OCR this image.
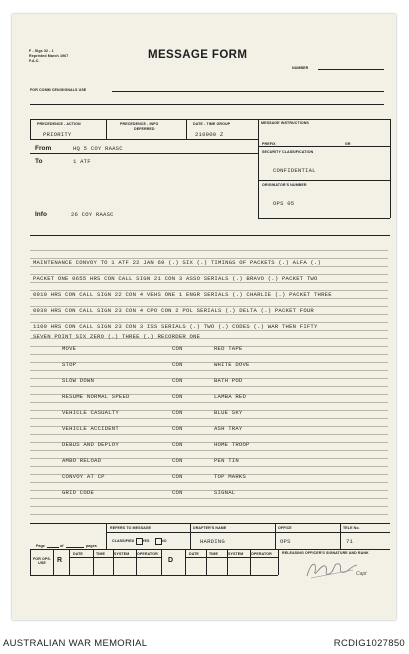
F - Sigs 32 - 1
Reprinted March 1967
F.A.C.	MESSAGE FORM
NUMBER
FOR COMM CEN/SIGNALS USE
PRECEDENCE - ACTION	PRECEDENCE - INFO
DEFERRED
DATE - TIME GROUP	MESSAGE INSTRUCTIONS
PRIORITY	210900 Z
From	HQ 5 COY RAASC
To	1 ATF
PREFIX	GR
SECURITY CLASSIFICATION
CONFIDENTIAL
ORIGINATOR'S NUMBER
OPS 05
Info	26 COY RAASC
MAINTENANCE CONVOY TO 1 ATF 22 JAN 69 (.) SIX (.) TIMINGS OF PACKETS (.) ALFA (.)
PACKET ONE 0655 HRS CON CALL SIGN 21 CON 3 ASSO SERIALS (.) BRAVO (.) PACKET TWO
0910 HRS CON CALL SIGN 22 CON 4 VEHS ONE 1 ENGR SERIALS (.) CHARLIE (.) PACKET THREE
0930 HRS CON CALL SIGN 23 CON 4 CPO CON 2 POL SERIALS (.) DELTA (.) PACKET FOUR
1100 HRS CON CALL SIGN 23 CON 3 ISS SERIALS (.) TWO (.) CODES (.) WAR THEN FIFTY
SEVEN POINT SIX ZERO (.) THREE (.) RECORDER ONE
MOVE	CON	RED TAPE
STOP	CON	WHITE DOVE
SLOW DOWN	CON	BATH POD
RESUME NORMAL SPEED	CON	LAMBA RED
VEHICLE CASUALTY	CON	BLUE SKY
VEHICLE ACCIDENT	CON	ASH TRAY
DEBUS AND DEPLOY	CON	HOME TROOP
AMBO RELOAD	CON	PEN TIN
CONVOY AT CP	CON	TOP MARKS
GRID CODE	CON	SIGNAL
REFERS TO MESSAGE	DRAFTER'S NAME	OFFICE	TELE No.
CLASSIFIED YES	NO	HARDING	OPS	71
Page	of	pages
FOR OPS. USE	R	D
DATE	TIME	SYSTEM OPERATOR	DATE	TIME	SYSTEM OPERATOR	RELEASING OFFICER'S SIGNATURE AND RANK
Capt
AUSTRALIAN WAR MEMORIAL	RCDIG1027850
